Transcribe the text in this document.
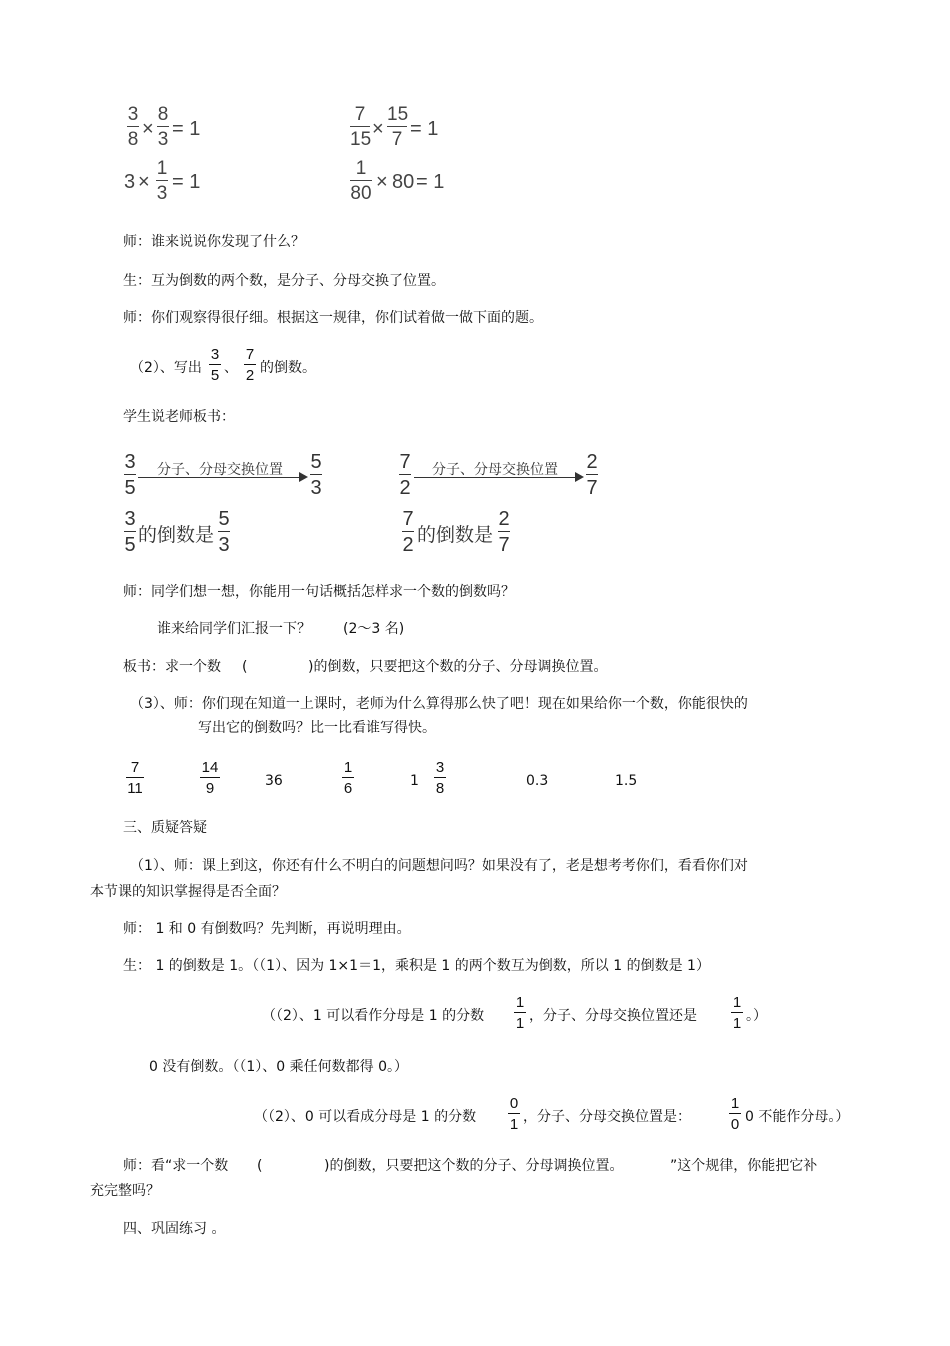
3
8 ×
8
3 = 1
7
15 ×
15
7 = 1
3 ×
1
3
= 1
1
80
× 80 = 1
师：谁来说说你发现了什么？
生：互为倒数的两个数，是分子、分母交换了位置。
师：你们观察得很仔细。根据这一规律，你们试着做一做下面的题。
（2）、写出
3
5 、
7
2 的倒数。
学生说老师板书：
3
5
分子、分母交换位置 5
3
3
5 的倒数是
5
3
7
2
分子、分母交换位置 2
7
7
2 的倒数是
2
7
师：同学们想一想，你能用一句话概括怎样求一个数的倒数吗？
谁来给同学们汇报一下？ (2～3 名)
板书：求一个数 (	)的倒数，只要把这个数的分子、分母调换位置。
（3）、师：你们现在知道一上课时，老师为什么算得那么快了吧！现在如果给你一个数，你能很快的
写出它的倒数吗？比一比看谁写得快。
7
11
14
9	36
1
6	1
3
8	0.3	1.5
三、质疑答疑
（1）、师：课上到这，你还有什么不明白的问题想问吗？如果没有了，老是想考考你们，看看你们对
本节课的知识掌握得是否全面？
师： 1 和 0 有倒数吗？先判断，再说明理由。
生： 1 的倒数是 1。（（1）、因为 1×1＝1，乘积是 1 的两个数互为倒数，所以 1 的倒数是 1）
（（2）、1 可以看作分母是 1 的分数
1
1 ，分子、分母交换位置还是
1
1 。）
0 没有倒数。（（1）、0 乘任何数都得 0。）
（（2）、0 可以看成分母是 1 的分数
0
1 ，分子、分母交换位置是：
1
0 0 不能作分母。）
师：看“求一个数 (	)的倒数，只要把这个数的分子、分母调换位置。	”这个规律，你能把它补
充完整吗？
四、巩固练习 。
